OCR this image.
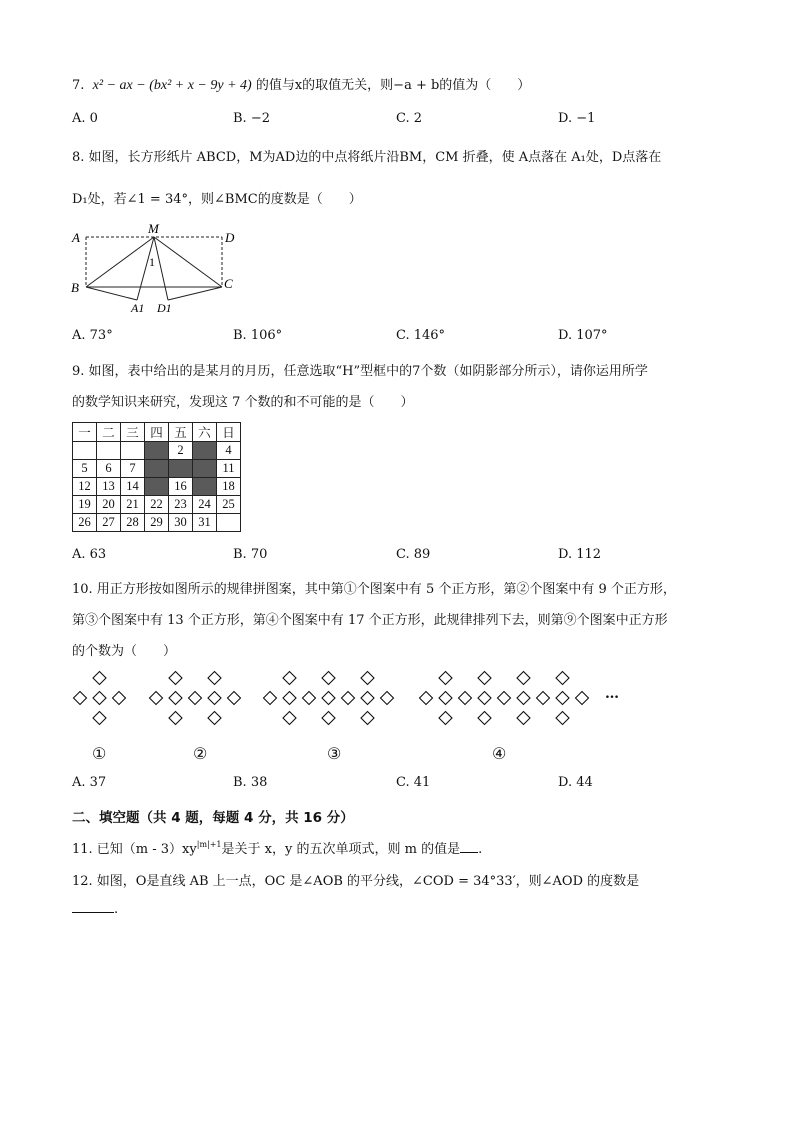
7. x² − ax − (bx² + x − 9y + 4) 的值与x的取值无关，则−a + b的值为（　　）
A. 0	B. −2	C. 2	D. −1
8. 如图，长方形纸片 ABCD，M为AD边的中点将纸片沿BM，CM 折叠，使 A点落在 A₁处，D点落在
D₁处，若∠1 = 34°，则∠BMC的度数是（　　）
A
M
D
1
B	C
A1 D1
A. 73°	B. 106°	C. 146°	D. 107°
9. 如图，表中给出的是某月的月历，任意选取“H”型框中的7个数（如阴影部分所示），请你运用所学
的数学知识来研究，发现这 7 个数的和不可能的是（　　）
一	二	三	四	五	六	日
				2		4
5	6	7				11
12	13	14		16		18
19	20	21	22	23	24	25
26	27	28	29	30	31	
A. 63	B. 70	C. 89	D. 112
10. 用正方形按如图所示的规律拼图案，其中第①个图案中有 5 个正方形，第②个图案中有 9 个正方形，
第③个图案中有 13 个正方形，第④个图案中有 17 个正方形，此规律排列下去，则第⑨个图案中正方形
的个数为（　　）
…
①	②	③	④
A. 37	B. 38	C. 41	D. 44
二、填空题（共 4 题，每题 4 分，共 16 分）
11. 已知$(m - 3)xy^{|m|+1}$是关于 x，y 的五次单项式，则 m 的值是 .
12. 如图，O是直线 AB 上一点，OC 是∠AOB 的平分线，∠COD = 34°33′，则∠AOD 的度数是
.
